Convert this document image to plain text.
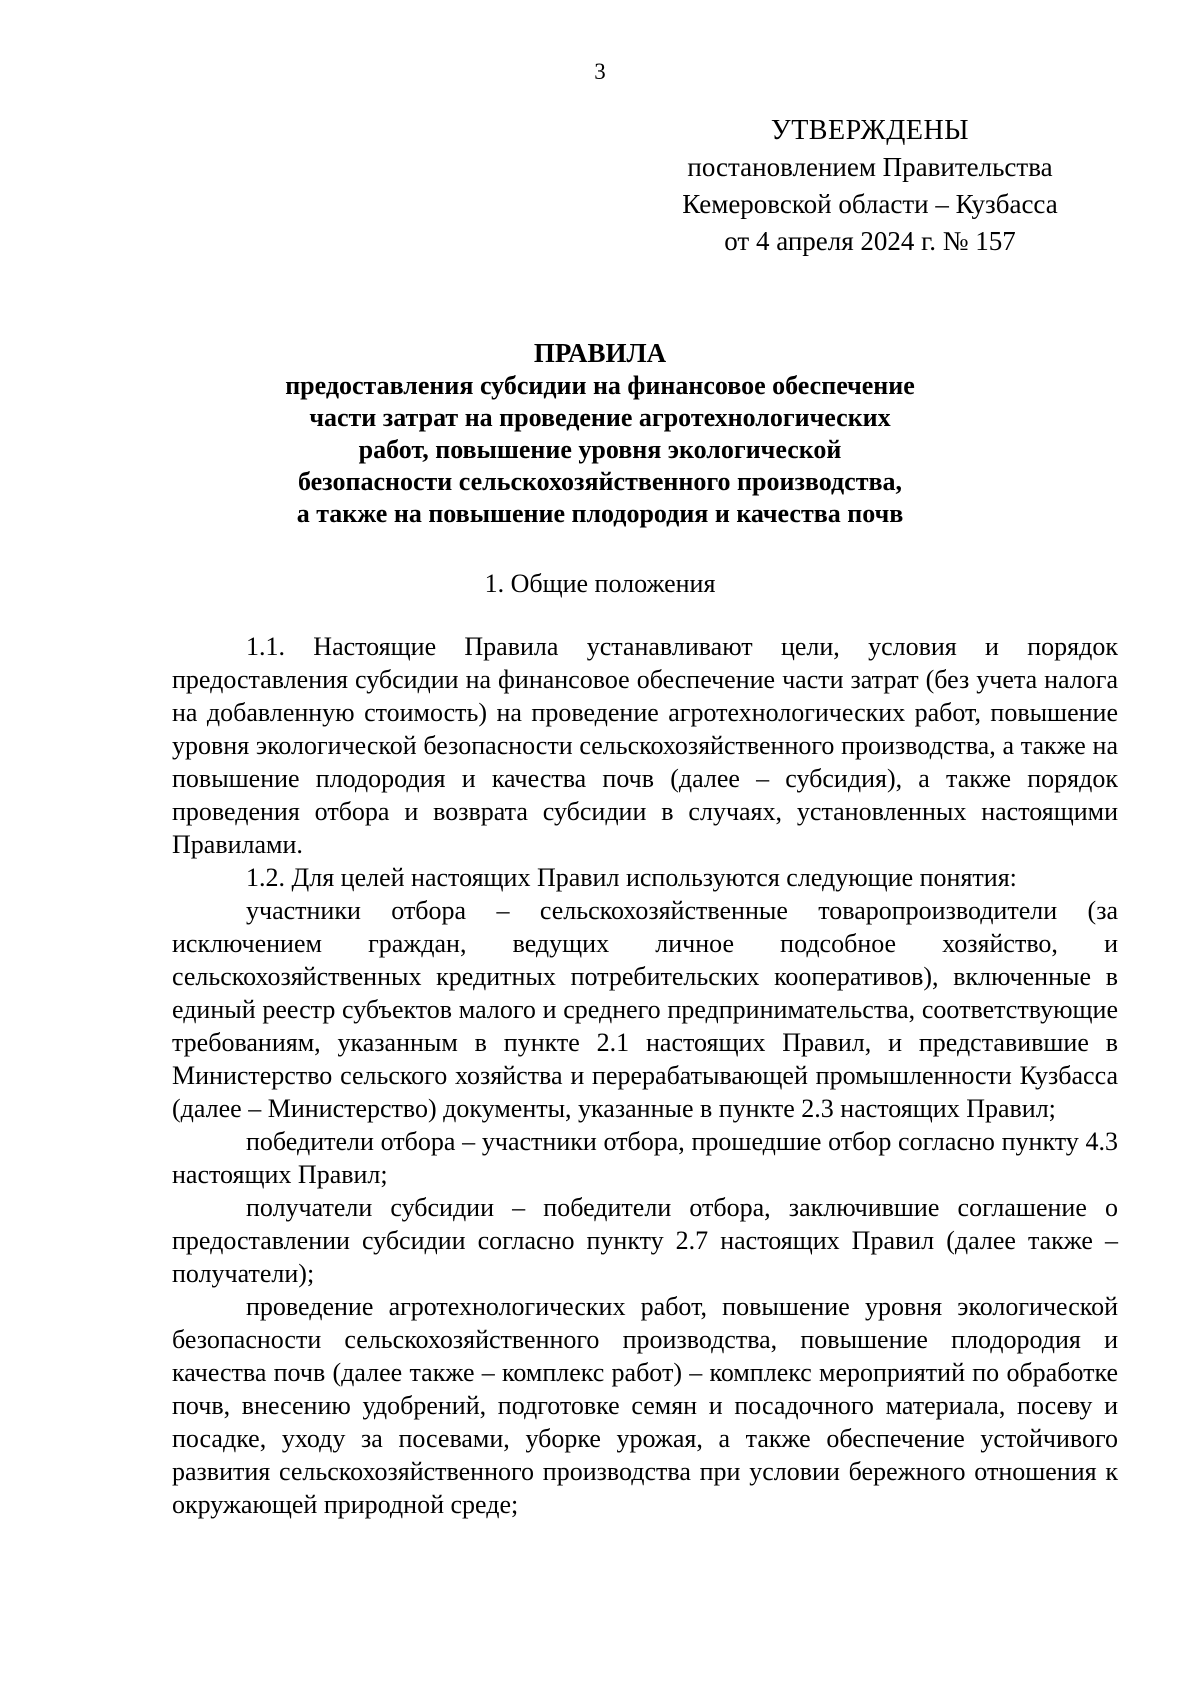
3
УТВЕРЖДЕНЫ
постановлением Правительства
Кемеровской области – Кузбасса
от 4 апреля 2024 г. № 157
ПРАВИЛА
предоставления субсидии на финансовое обеспечение
части затрат на проведение агротехнологических
работ, повышение уровня экологической
безопасности сельскохозяйственного производства,
а также на повышение плодородия и качества почв
1. Общие положения

1.1. Настоящие Правила устанавливают цели, условия и порядок предоставления субсидии на финансовое обеспечение части затрат (без учета налога на добавленную стоимость) на проведение агротехнологических работ, повышение уровня экологической безопасности сельскохозяйственного производства, а также на повышение плодородия и качества почв (далее – субсидия), а также порядок проведения отбора и возврата субсидии в случаях, установленных настоящими Правилами.

1.2. Для целей настоящих Правил используются следующие понятия:

участники отбора – сельскохозяйственные товаропроизводители (за исключением граждан, ведущих личное подсобное хозяйство, и сельскохозяйственных кредитных потребительских кооперативов), включенные в единый реестр субъектов малого и среднего предпринимательства, соответствующие требованиям, указанным в пункте 2.1 настоящих Правил, и представившие в Министерство сельского хозяйства и перерабатывающей промышленности Кузбасса (далее – Министерство) документы, указанные в пункте 2.3 настоящих Правил;

победители отбора – участники отбора, прошедшие отбор согласно пункту 4.3 настоящих Правил;

получатели субсидии – победители отбора, заключившие соглашение о предоставлении субсидии согласно пункту 2.7 настоящих Правил (далее также – получатели);

проведение агротехнологических работ, повышение уровня экологической безопасности сельскохозяйственного производства, повышение плодородия и качества почв (далее также – комплекс работ) – комплекс мероприятий по обработке почв, внесению удобрений, подготовке семян и посадочного материала, посеву и посадке, уходу за посевами, уборке урожая, а также обеспечение устойчивого развития сельскохозяйственного производства при условии бережного отношения к окружающей природной среде;
